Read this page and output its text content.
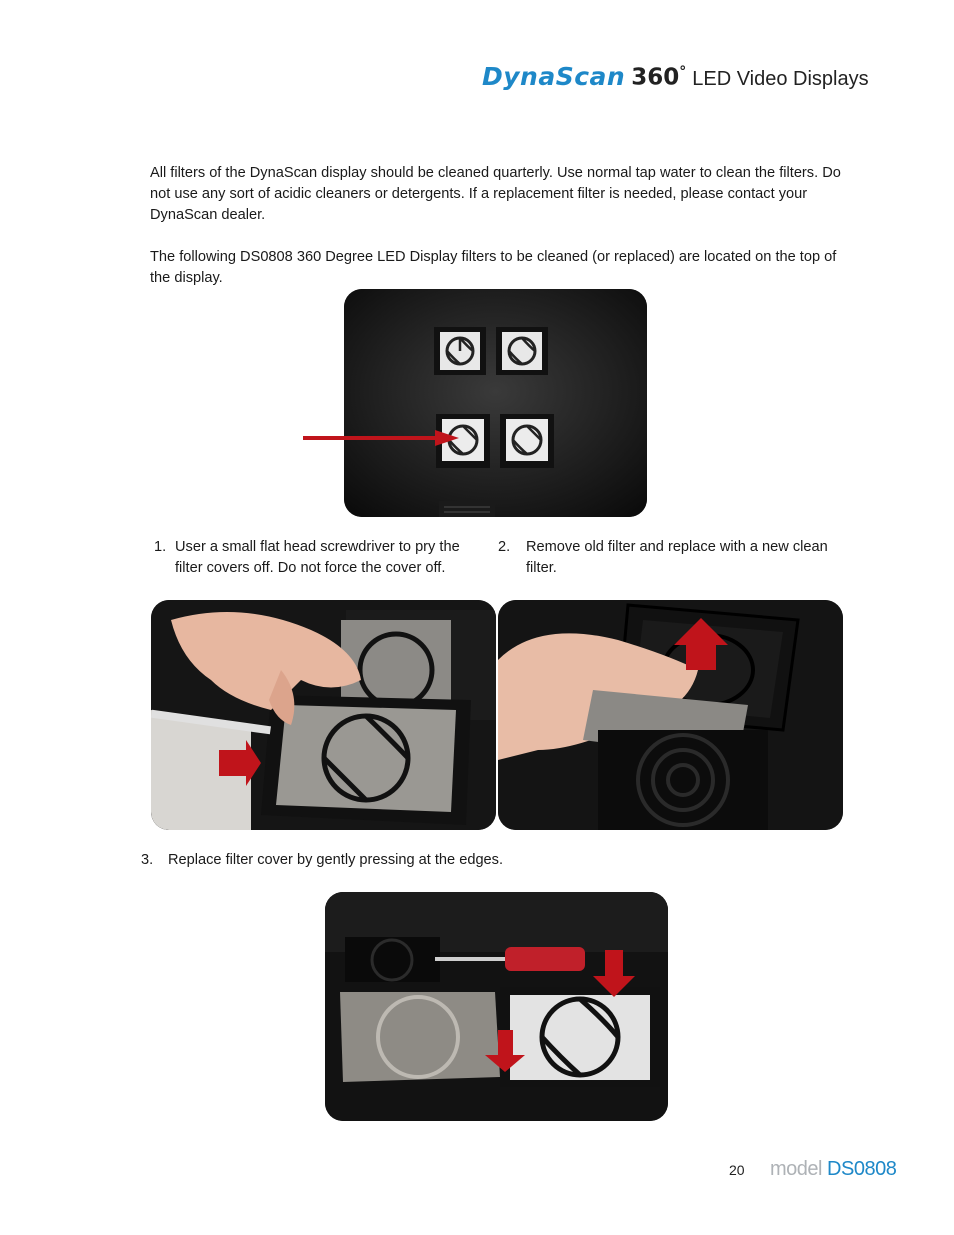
DynaScan 360° LED Video Displays
All filters of the DynaScan display should be cleaned quarterly. Use normal tap water to clean the filters. Do not use any sort of acidic cleaners or detergents. If a replacement filter is needed, please contact your DynaScan dealer.
The following DS0808 360 Degree LED Display filters to be cleaned (or replaced) are located on the top of the display.
1. User a small flat head screwdriver to pry the filter covers off. Do not force the cover off.
2. Remove old filter and replace with a new clean filter.
3. Replace filter cover by gently pressing at the edges.
20 model DS0808
